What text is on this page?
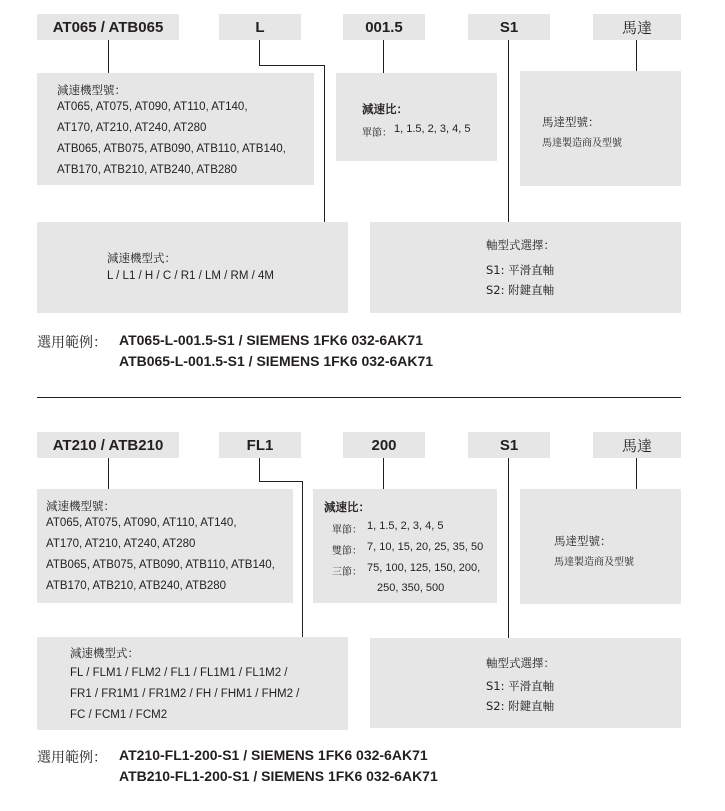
AT065 / ATB065	L	001.5	S1	馬達
減速機型號：
AT065, AT075, AT090, AT110, AT140,
AT170, AT210, AT240, AT280
ATB065, ATB075, ATB090, ATB110, ATB140,
ATB170, ATB210, ATB240, ATB280
減速比：
單節： 1, 1.5, 2, 3, 4, 5	馬達型號：
馬達製造商及型號
減速機型式：
L / L1 / H / C / R1 / LM / RM / 4M
軸型式選擇：
S1: 平滑直軸
S2: 附鍵直軸
選用範例： AT065-L-001.5-S1 / SIEMENS 1FK6 032-6AK71
ATB065-L-001.5-S1 / SIEMENS 1FK6 032-6AK71
AT210 / ATB210	FL1	200	S1	馬達
減速機型號：
AT065, AT075, AT090, AT110, AT140,
AT170, AT210, AT240, AT280
ATB065, ATB075, ATB090, ATB110, ATB140,
ATB170, ATB210, ATB240, ATB280
減速比：
單節： 1, 1.5, 2, 3, 4, 5
雙節： 7, 10, 15, 20, 25, 35, 50
三節： 75, 100, 125, 150, 200,
250, 350, 500
馬達型號：
馬達製造商及型號
減速機型式：
FL / FLM1 / FLM2 / FL1 / FL1M1 / FL1M2 /
FR1 / FR1M1 / FR1M2 / FH / FHM1 / FHM2 /
FC / FCM1 / FCM2
軸型式選擇：
S1: 平滑直軸
S2: 附鍵直軸
選用範例： AT210-FL1-200-S1 / SIEMENS 1FK6 032-6AK71
ATB210-FL1-200-S1 / SIEMENS 1FK6 032-6AK71
